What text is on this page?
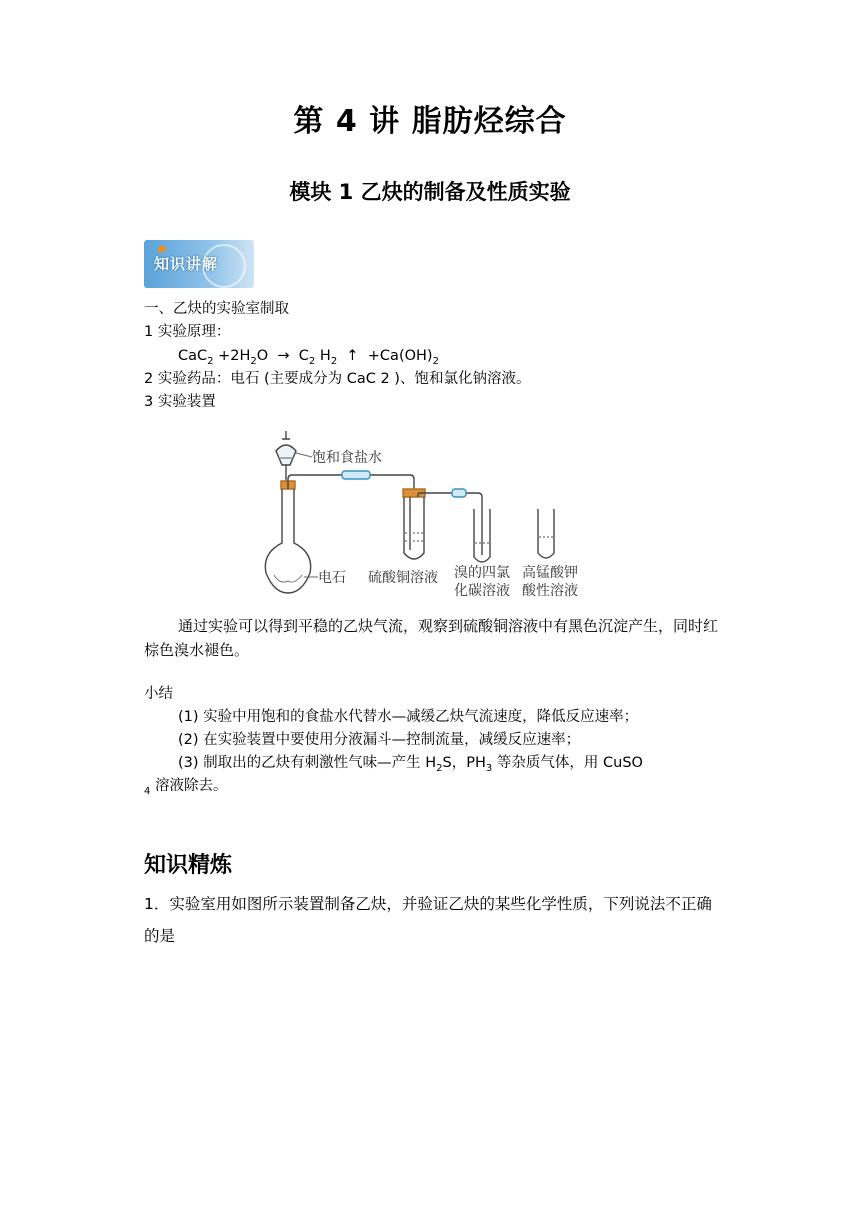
第 4 讲 脂肪烃综合
模块 1 乙炔的制备及性质实验
知识讲解
一、乙炔的实验室制取
1 实验原理：
$CaC_2 +2H_2O \to C_2$ $H_2$ ↑ $+Ca(OH)_2$
2 实验药品：电石 (主要成分为 CaC 2 )、饱和氯化钠溶液。
3 实验装置
饱和食盐水
电石 硫酸铜溶液 溴的四氯
化碳溶液
高锰酸钾
酸性溶液
通过实验可以得到平稳的乙炔气流，观察到硫酸铜溶液中有黑色沉淀产生，同时红棕色溴水褪色。
小结
(1) 实验中用饱和的食盐水代替水—减缓乙炔气流速度，降低反应速率；
(2) 在实验装置中要使用分液漏斗—控制流量，减缓反应速率；
(3) 制取出的乙炔有刺激性气味—产生 $H_2S$，$PH_3$ 等杂质气体，用 CuSO
$_4$ 溶液除去。
知识精炼
1．实验室用如图所示装置制备乙炔，并验证乙炔的某些化学性质，下列说法不正确的是
